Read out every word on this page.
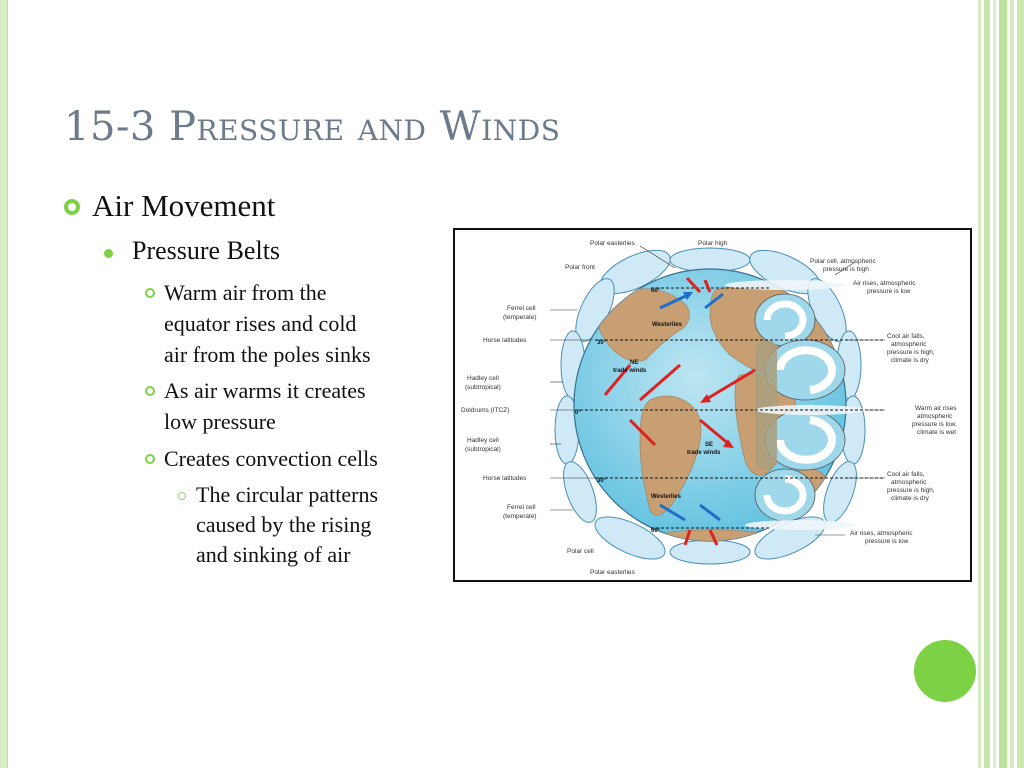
15-3 Pressure and Winds
Air Movement
Pressure Belts
Warm air from the
equator rises and cold
air from the poles sinks
As air warms it creates
low pressure
Creates convection cells
The circular patterns
caused by the rising
and sinking of air
60°
30°
0°
30°
60°
Westerlies
NE
trade winds
SE
trade winds
Westerlies
Polar easterlies	Polar high
Polar front
Ferrel cell
(temperate)
Horse latitudes
Hadley cell
(subtropical)
Doldrums (ITCZ)
Hadley cell
(subtropical)
Horse latitudes
Ferrel cell
(temperate)
Polar cell
Polar easterlies
Polar cell, atmospheric
pressure is high
Air rises, atmospheric
pressure is low
Cool air falls,
atmospheric
pressure is high,
climate is dry
Warm air rises
atmospheric
pressure is low,
climate is wet
Cool air falls,
atmospheric
pressure is high,
climate is dry
Air rises, atmospheric
pressure is low
